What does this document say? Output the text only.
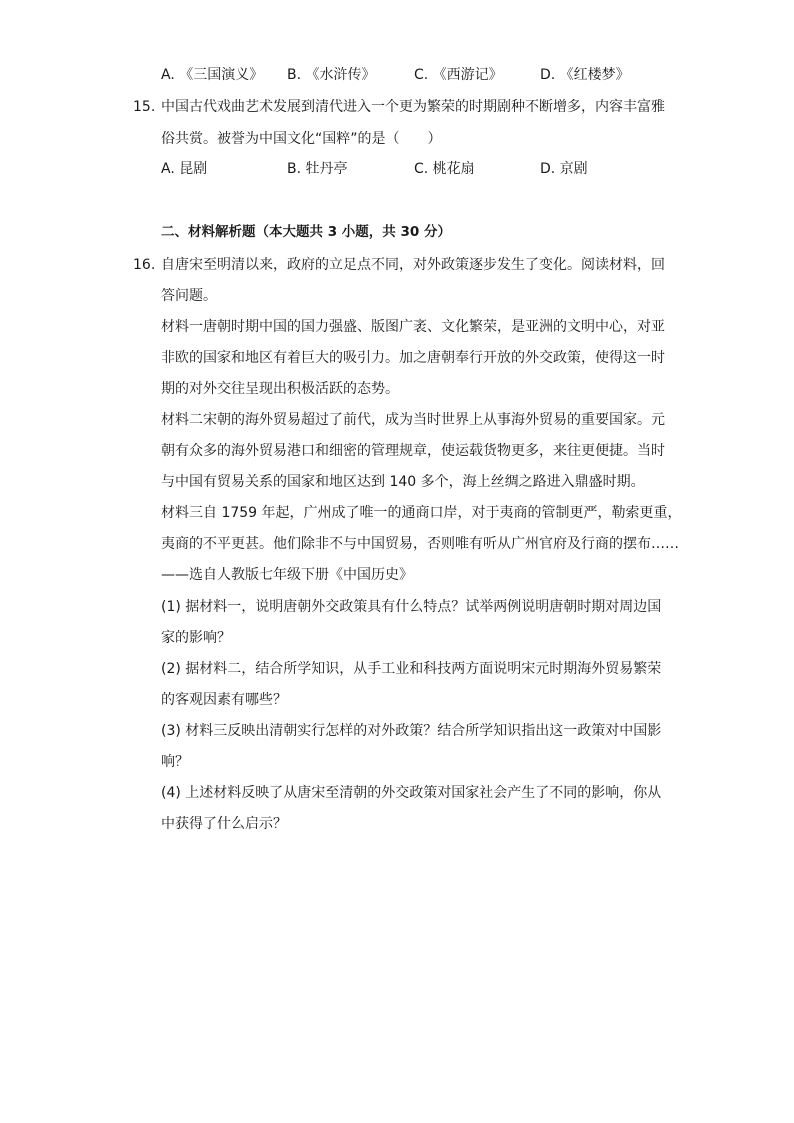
A. 《三国演义》 B. 《水浒传》	C. 《西游记》	D. 《红楼梦》
15. 中国古代戏曲艺术发展到清代进入一个更为繁荣的时期剧种不断增多，内容丰富雅
俗共赏。被誉为中国文化“国粹”的是（　　）
A. 昆剧	B. 牡丹亭	C. 桃花扇	D. 京剧
二、材料解析题（本大题共 3 小题，共 30 分）
16. 自唐宋至明清以来，政府的立足点不同，对外政策逐步发生了变化。阅读材料，回
答问题。
材料一唐朝时期中国的国力强盛、版图广袤、文化繁荣，是亚洲的文明中心，对亚
非欧的国家和地区有着巨大的吸引力。加之唐朝奉行开放的外交政策，使得这一时
期的对外交往呈现出积极活跃的态势。
材料二宋朝的海外贸易超过了前代，成为当时世界上从事海外贸易的重要国家。元
朝有众多的海外贸易港口和细密的管理规章，使运载货物更多，来往更便捷。当时
与中国有贸易关系的国家和地区达到 140 多个，海上丝绸之路进入鼎盛时期。
材料三自 1759 年起，广州成了唯一的通商口岸，对于夷商的管制更严，勒索更重，
夷商的不平更甚。他们除非不与中国贸易，否则唯有听从广州官府及行商的摆布……
——选自人教版七年级下册《中国历史》
(1) 据材料一，说明唐朝外交政策具有什么特点？试举两例说明唐朝时期对周边国
家的影响？
(2) 据材料二，结合所学知识，从手工业和科技两方面说明宋元时期海外贸易繁荣
的客观因素有哪些？
(3) 材料三反映出清朝实行怎样的对外政策？结合所学知识指出这一政策对中国影
响？
(4) 上述材料反映了从唐宋至清朝的外交政策对国家社会产生了不同的影响，你从
中获得了什么启示？
